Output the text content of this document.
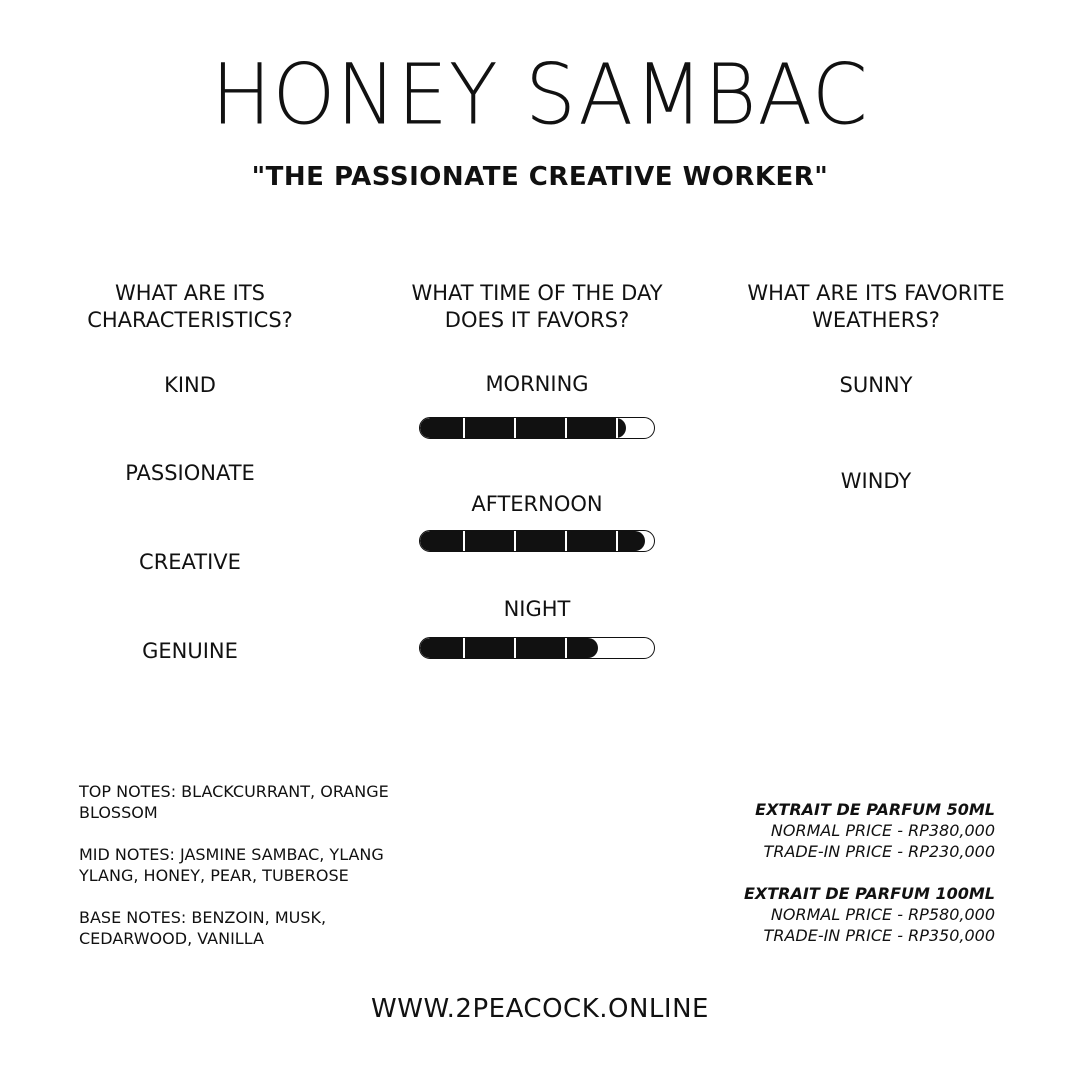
HONEY SAMBAC
"THE PASSIONATE CREATIVE WORKER"
WHAT ARE ITS
CHARACTERISTICS?
KIND
PASSIONATE
CREATIVE
GENUINE
WHAT TIME OF THE DAY
DOES IT FAVORS?
MORNING
AFTERNOON
NIGHT
WHAT ARE ITS FAVORITE
WEATHERS?
SUNNY
WINDY

TOP NOTES: BLACKCURRANT, ORANGE BLOSSOM

MID NOTES: JASMINE SAMBAC, YLANG YLANG, HONEY, PEAR, TUBEROSE

BASE NOTES: BENZOIN, MUSK, CEDARWOOD, VANILLA

EXTRAIT DE PARFUM 50ML
NORMAL PRICE - RP380,000
TRADE-IN PRICE - RP230,000
EXTRAIT DE PARFUM 100ML
NORMAL PRICE - RP580,000
TRADE-IN PRICE - RP350,000
WWW.2PEACOCK.ONLINE
